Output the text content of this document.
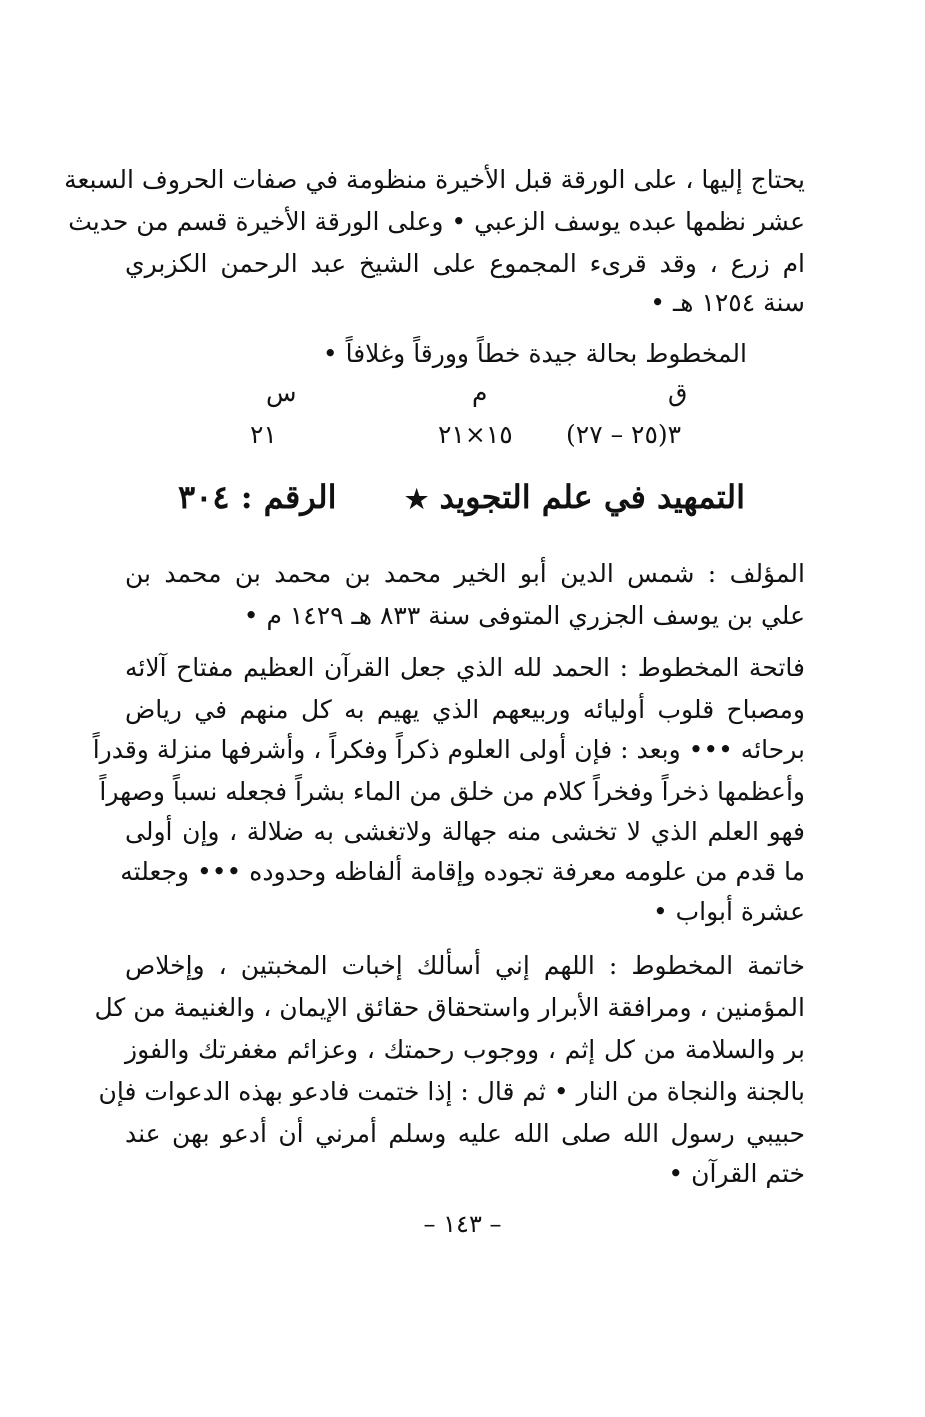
يحتاج إليها ، على الورقة قبل الأخيرة منظومة في صفات الحروف السبعة
عشر نظمها عبده يوسف الزعبي • وعلى الورقة الأخيرة قسم من حديث
ام زرع ، وقد قرىء المجموع على الشيخ عبد الرحمن الكزبري
سنة ١٢٥٤ هـ •
المخطوط بحالة جيدة خطاً وورقاً وغلافاً •
ق
م
س
٣(٢٥ – ٢٧)
١٥×٢١
٢١
التمهيد في علم التجويد ★
الرقم : ٣٠٤
المؤلف : شمس الدين أبو الخير محمد بن محمد بن محمد بن
علي بن يوسف الجزري المتوفى سنة ٨٣٣ هـ ١٤٢٩ م •
فاتحة المخطوط : الحمد لله الذي جعل القرآن العظيم مفتاح آلائه
ومصباح قلوب أوليائه وربيعهم الذي يهيم به كل منهم في رياض
برحائه ••• وبعد : فإن أولى العلوم ذكراً وفكراً ، وأشرفها منزلة وقدراً
وأعظمها ذخراً وفخراً كلام من خلق من الماء بشراً فجعله نسباً وصهراً
فهو العلم الذي لا تخشى منه جهالة ولاتغشى به ضلالة ، وإن أولى
ما قدم من علومه معرفة تجوده وإقامة ألفاظه وحدوده ••• وجعلته
عشرة أبواب •
خاتمة المخطوط : اللهم إني أسألك إخبات المخبتين ، وإخلاص
المؤمنين ، ومرافقة الأبرار واستحقاق حقائق الإيمان ، والغنيمة من كل
بر والسلامة من كل إثم ، ووجوب رحمتك ، وعزائم مغفرتك والفوز
بالجنة والنجاة من النار • ثم قال : إذا ختمت فادعو بهذه الدعوات فإن
حبيبي رسول الله صلى الله عليه وسلم أمرني أن أدعو بهن عند
ختم القرآن •
– ١٤٣ –
